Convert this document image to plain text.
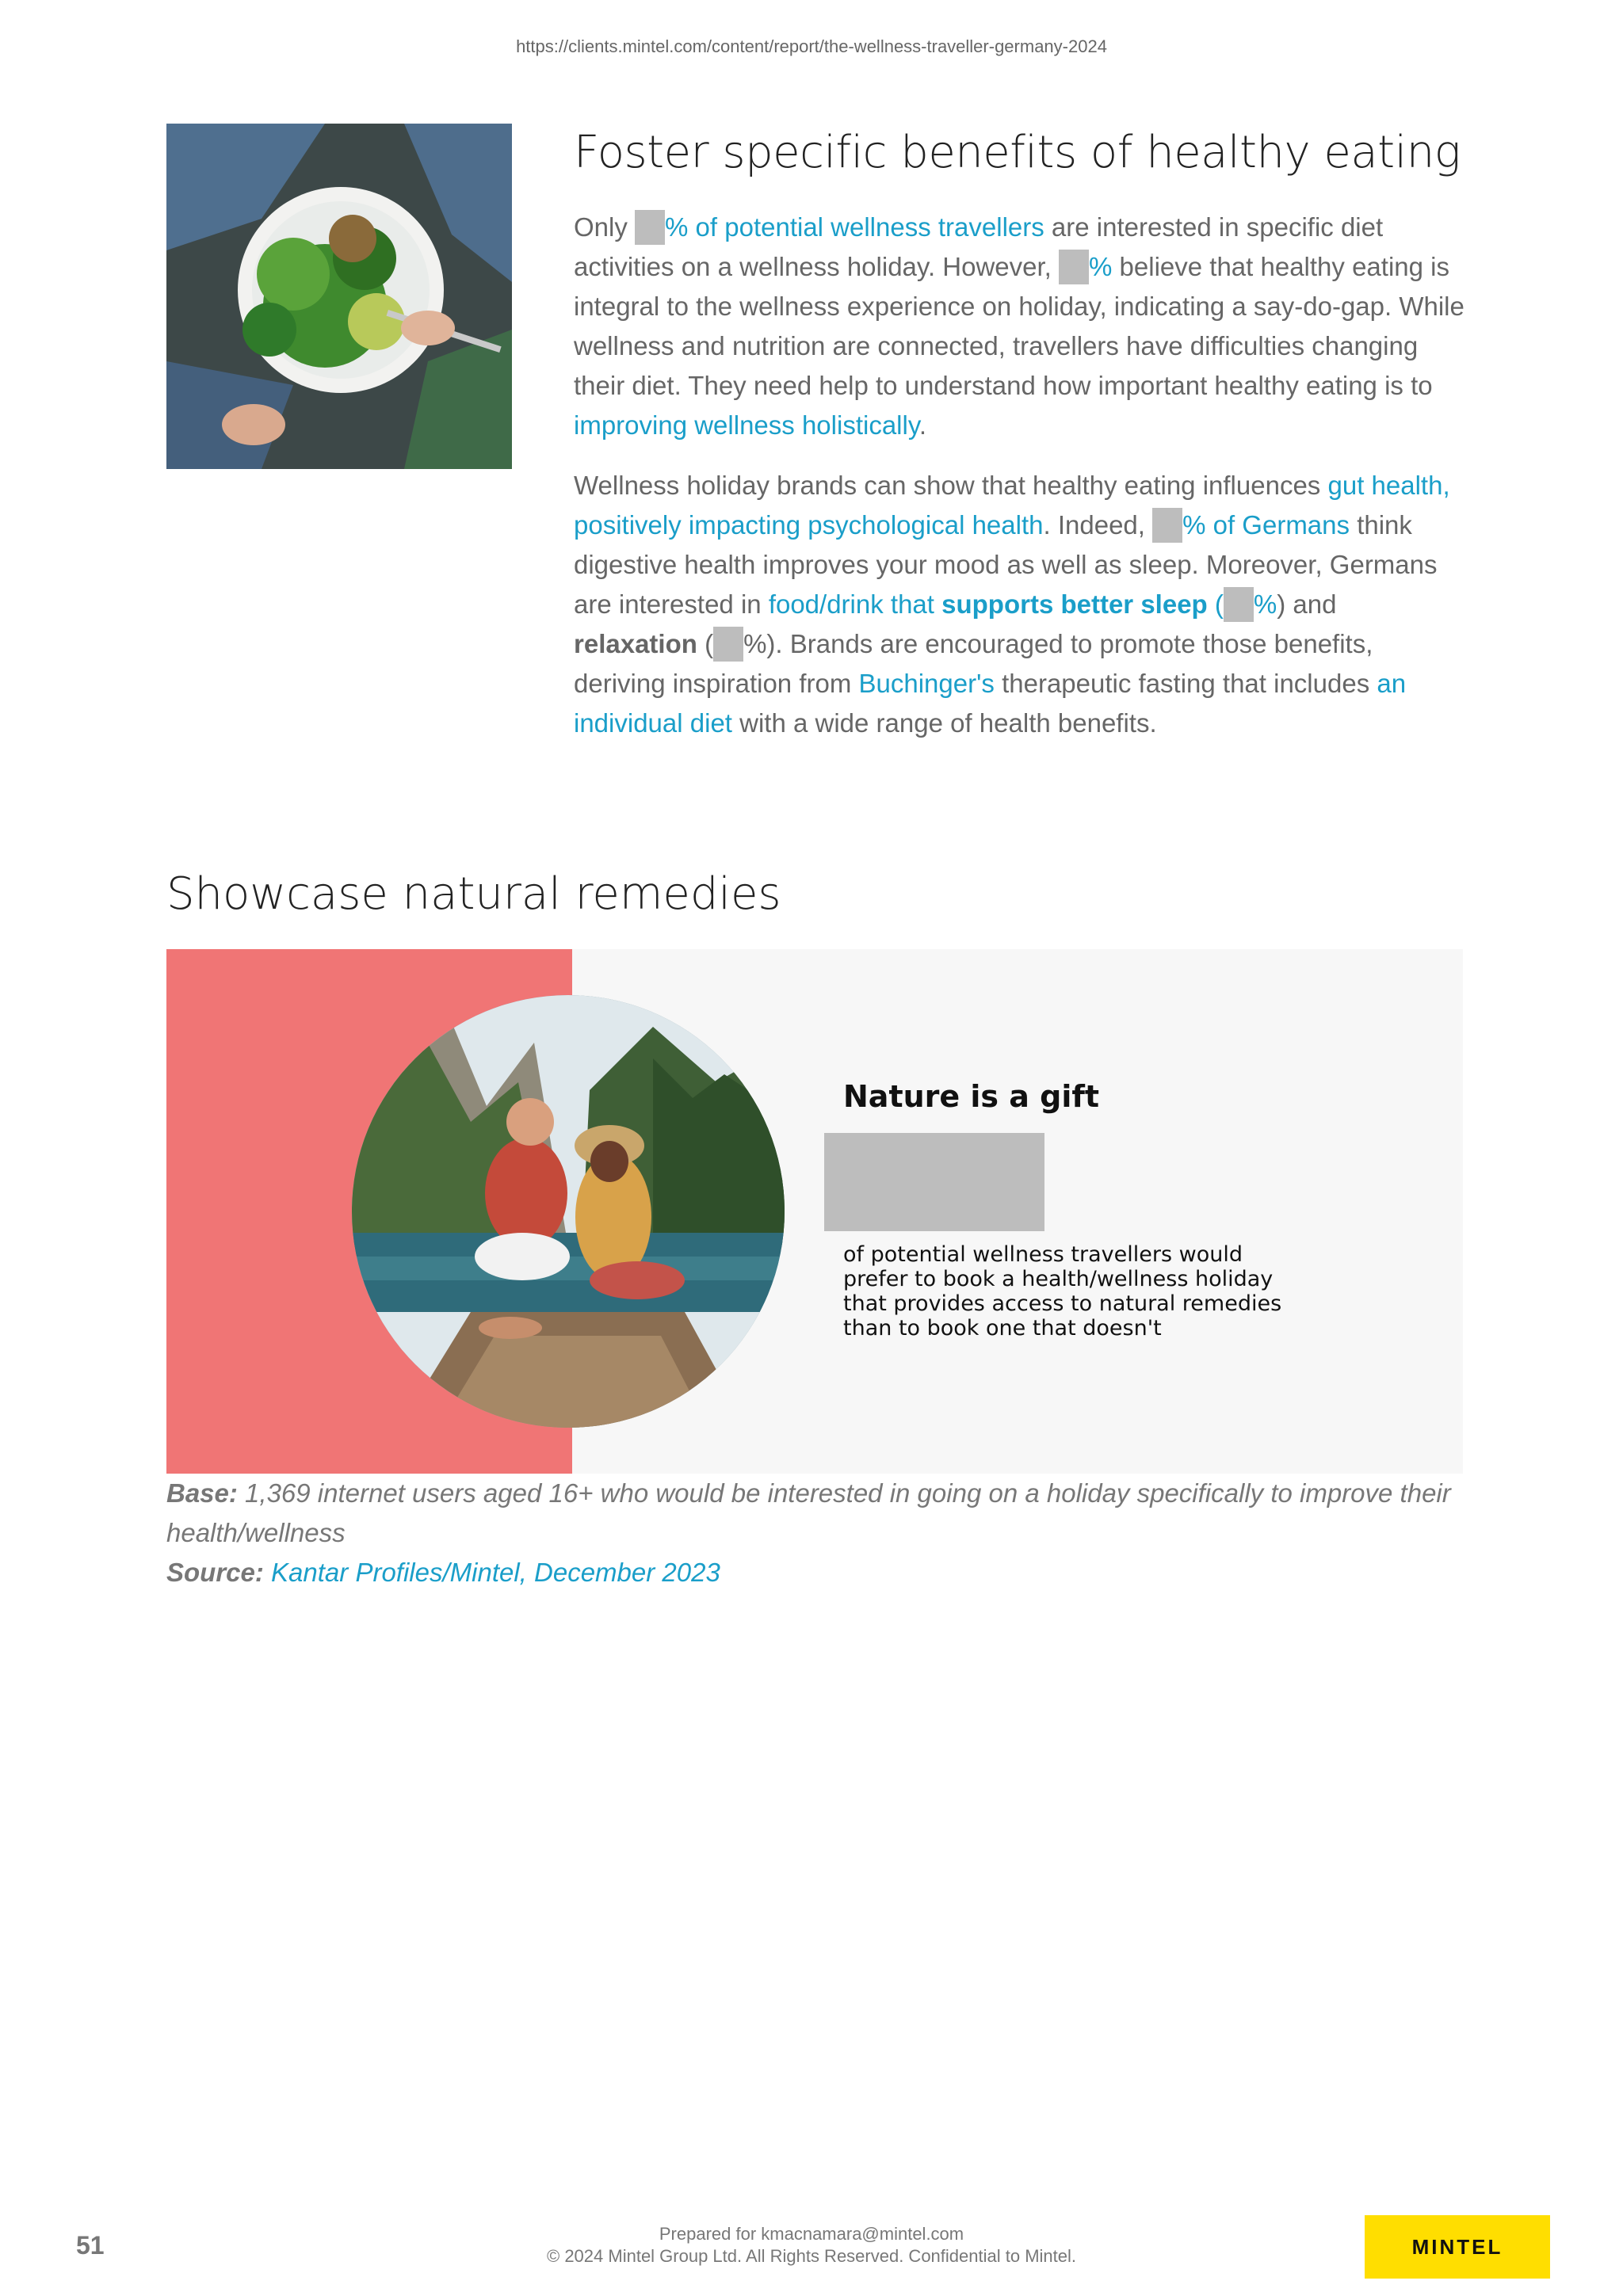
https://clients.mintel.com/content/report/the-wellness-traveller-germany-2024
Foster specific benefits of healthy eating

Only % of potential wellness travellers are interested in specific diet activities on a wellness holiday. However, % believe that healthy eating is integral to the wellness experience on holiday, indicating a say-do-gap. While wellness and nutrition are connected, travellers have difficulties changing their diet. They need help to understand how important healthy eating is to improving wellness holistically.

Wellness holiday brands can show that healthy eating influences gut health, positively impacting psychological health. Indeed, % of Germans think digestive health improves your mood as well as sleep. Moreover, Germans are interested in food/drink that supports better sleep ( %) and relaxation ( %). Brands are encouraged to promote those benefits, deriving inspiration from Buchinger's therapeutic fasting that includes an individual diet with a wide range of health benefits.

Showcase natural remedies
Nature is a gift
of potential wellness travellers would prefer to book a health/wellness holiday that provides access to natural remedies than to book one that doesn't
Base: 1,369 internet users aged 16+ who would be interested in going on a holiday specifically to improve their health/wellness
Source: Kantar Profiles/Mintel, December 2023
51	Prepared for kmacnamara@mintel.com
© 2024 Mintel Group Ltd. All Rights Reserved. Confidential to Mintel.	MINTEL
